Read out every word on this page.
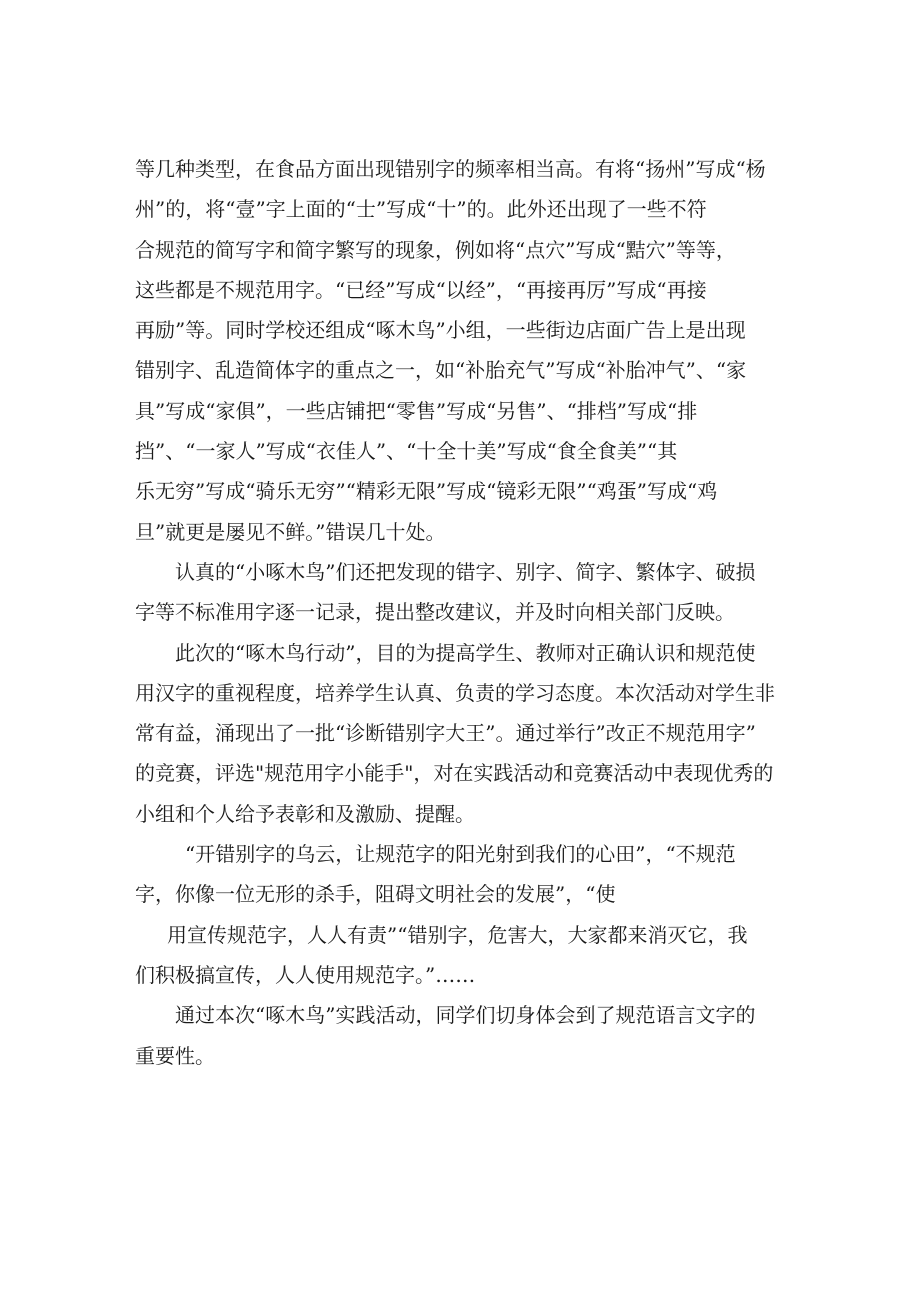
等几种类型，在食品方面出现错别字的频率相当高。有将“扬州”写成“杨
州”的，将“壹”字上面的“士”写成“十”的。此外还出现了一些不符
合规范的简写字和简字繁写的现象，例如将“点穴”写成“黠穴”等等，
这些都是不规范用字。“已经”写成“以经”，“再接再厉”写成“再接
再励”等。同时学校还组成“啄木鸟”小组，一些街边店面广告上是出现
错别字、乱造简体字的重点之一，如“补胎充气”写成“补胎冲气”、“家
具”写成“家俱”，一些店铺把“零售”写成“另售”、“排档”写成“排
挡”、“一家人”写成“衣佳人”、“十全十美”写成“食全食美”“其
乐无穷”写成“骑乐无穷”“精彩无限”写成“镜彩无限”“鸡蛋”写成“鸡
旦”就更是屡见不鲜。”错误几十处。
认真的“小啄木鸟”们还把发现的错字、别字、简字、繁体字、破损
字等不标准用字逐一记录，提出整改建议，并及时向相关部门反映。
此次的“啄木鸟行动”，目的为提高学生、教师对正确认识和规范使
用汉字的重视程度，培养学生认真、负责的学习态度。本次活动对学生非
常有益，涌现出了一批“诊断错别字大王”。通过举行”改正不规范用字”
的竞赛，评选"规范用字小能手"，对在实践活动和竞赛活动中表现优秀的
小组和个人给予表彰和及激励、提醒。
“开错别字的乌云，让规范字的阳光射到我们的心田”，“不规范
字，你像一位无形的杀手，阻碍文明社会的发展”，“使
用宣传规范字，人人有责”“错别字，危害大，大家都来消灭它，我
们积极搞宣传，人人使用规范字。”……
通过本次“啄木鸟”实践活动，同学们切身体会到了规范语言文字的
重要性。
